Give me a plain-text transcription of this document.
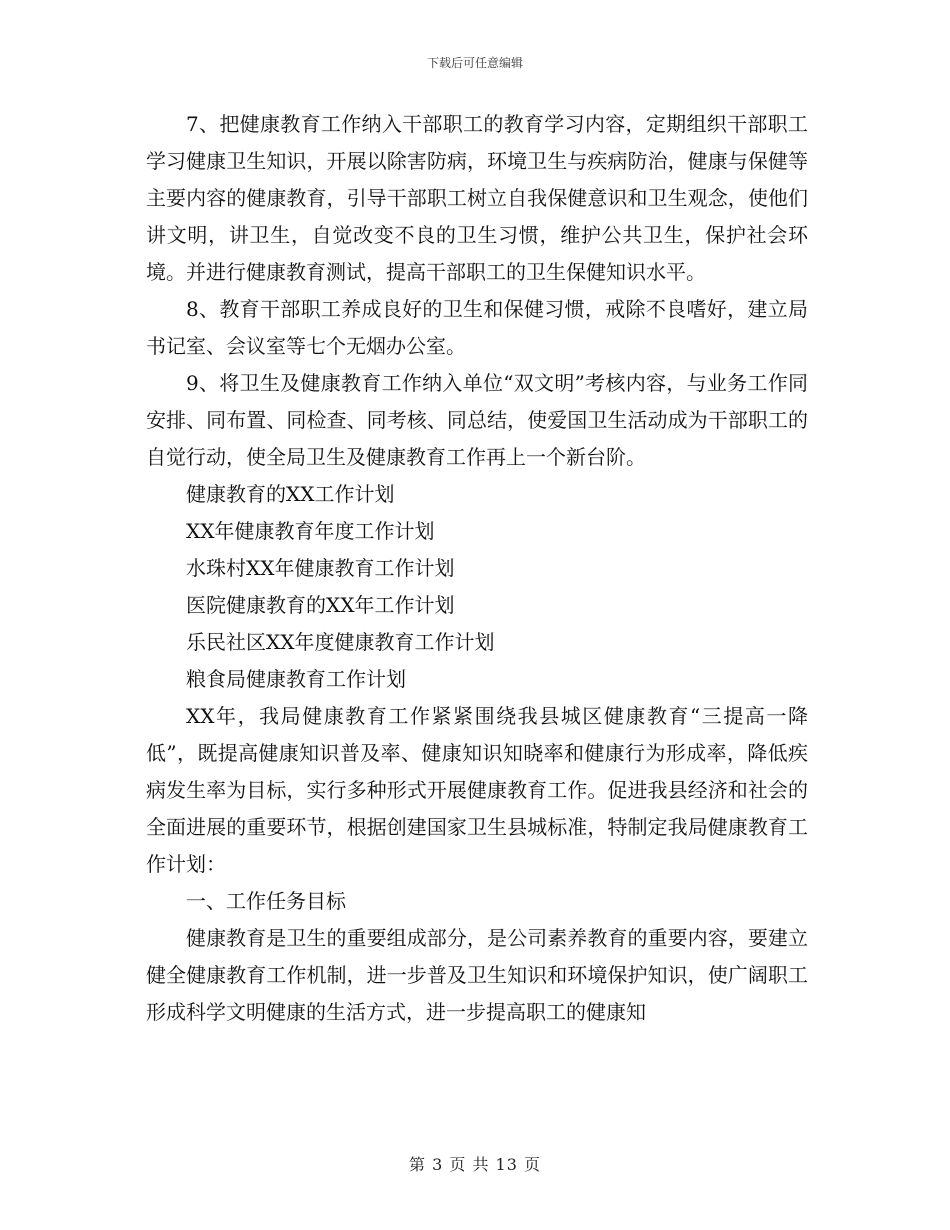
下载后可任意编辑

7、把健康教育工作纳入干部职工的教育学习内容，定期组织干部职工学习健康卫生知识，开展以除害防病，环境卫生与疾病防治，健康与保健等主要内容的健康教育，引导干部职工树立自我保健意识和卫生观念，使他们讲文明，讲卫生，自觉改变不良的卫生习惯，维护公共卫生，保护社会环境。并进行健康教育测试，提高干部职工的卫生保健知识水平。

8、教育干部职工养成良好的卫生和保健习惯，戒除不良嗜好，建立局书记室、会议室等七个无烟办公室。

9、将卫生及健康教育工作纳入单位“双文明”考核内容，与业务工作同安排、同布置、同检查、同考核、同总结，使爱国卫生活动成为干部职工的自觉行动，使全局卫生及健康教育工作再上一个新台阶。

健康教育的XX工作计划

XX年健康教育年度工作计划

水珠村XX年健康教育工作计划

医院健康教育的XX年工作计划

乐民社区XX年度健康教育工作计划

粮食局健康教育工作计划

XX年，我局健康教育工作紧紧围绕我县城区健康教育“三提高一降低”，既提高健康知识普及率、健康知识知晓率和健康行为形成率，降低疾病发生率为目标，实行多种形式开展健康教育工作。促进我县经济和社会的全面进展的重要环节，根据创建国家卫生县城标准，特制定我局健康教育工作计划：

一、工作任务目标

健康教育是卫生的重要组成部分，是公司素养教育的重要内容，要建立健全健康教育工作机制，进一步普及卫生知识和环境保护知识，使广阔职工形成科学文明健康的生活方式，进一步提高职工的健康知

第 3 页 共 13 页
